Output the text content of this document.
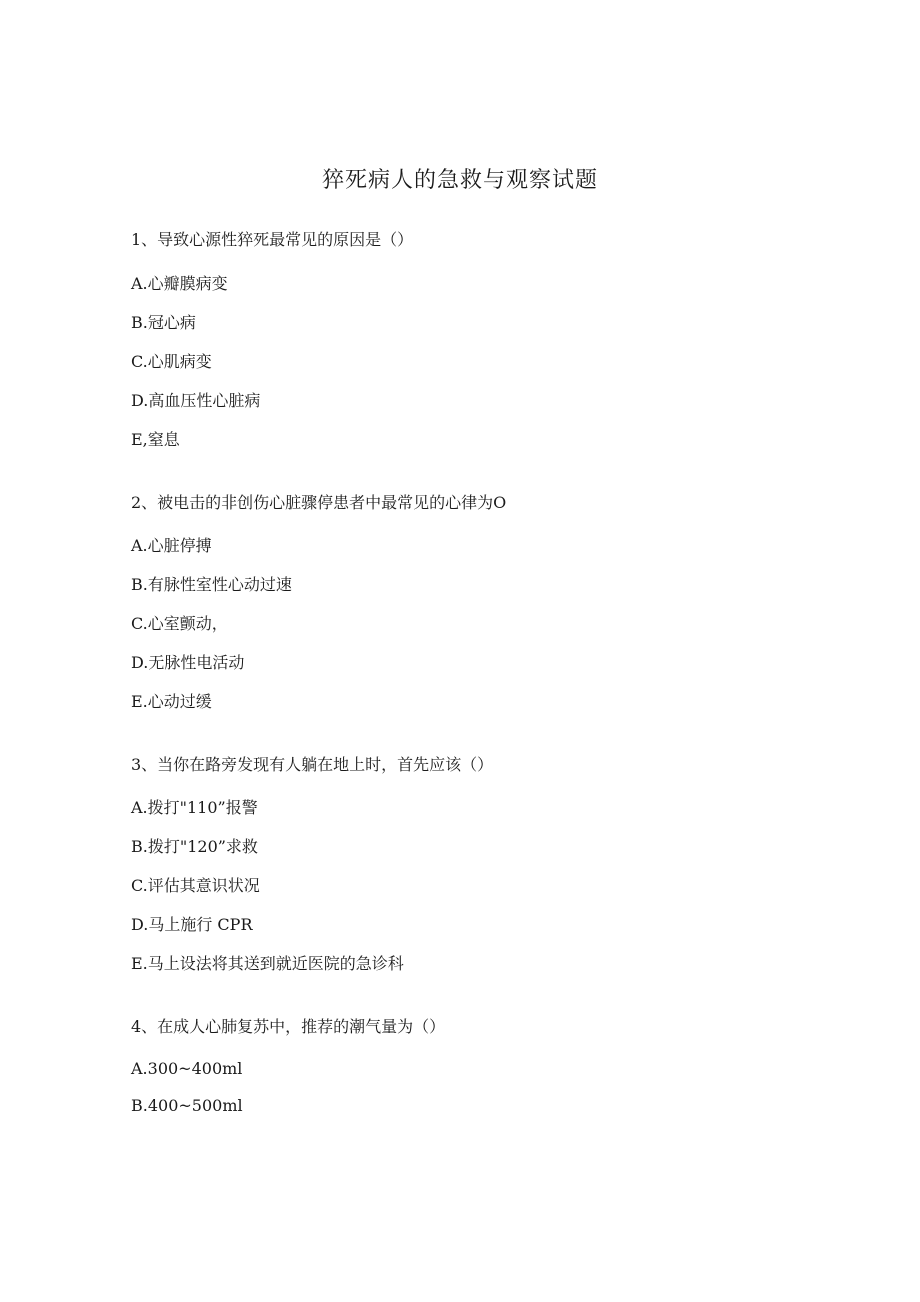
猝死病人的急救与观察试题
1、导致心源性猝死最常见的原因是（）
A.心瓣膜病变
B.冠心病
C.心肌病变
D.高血压性心脏病
E,窒息
2、被电击的非创伤心脏骤停患者中最常见的心律为O
A.心脏停搏
B.有脉性室性心动过速
C.心室颤动，
D.无脉性电活动
E.心动过缓
3、当你在路旁发现有人躺在地上时，首先应该（）
A.拨打"110”报警
B.拨打"120”求救
C.评估其意识状况
D.马上施行 CPR
E.马上设法将其送到就近医院的急诊科
4、在成人心肺复苏中，推荐的潮气量为（）
A.300~400ml
B.400~500ml
